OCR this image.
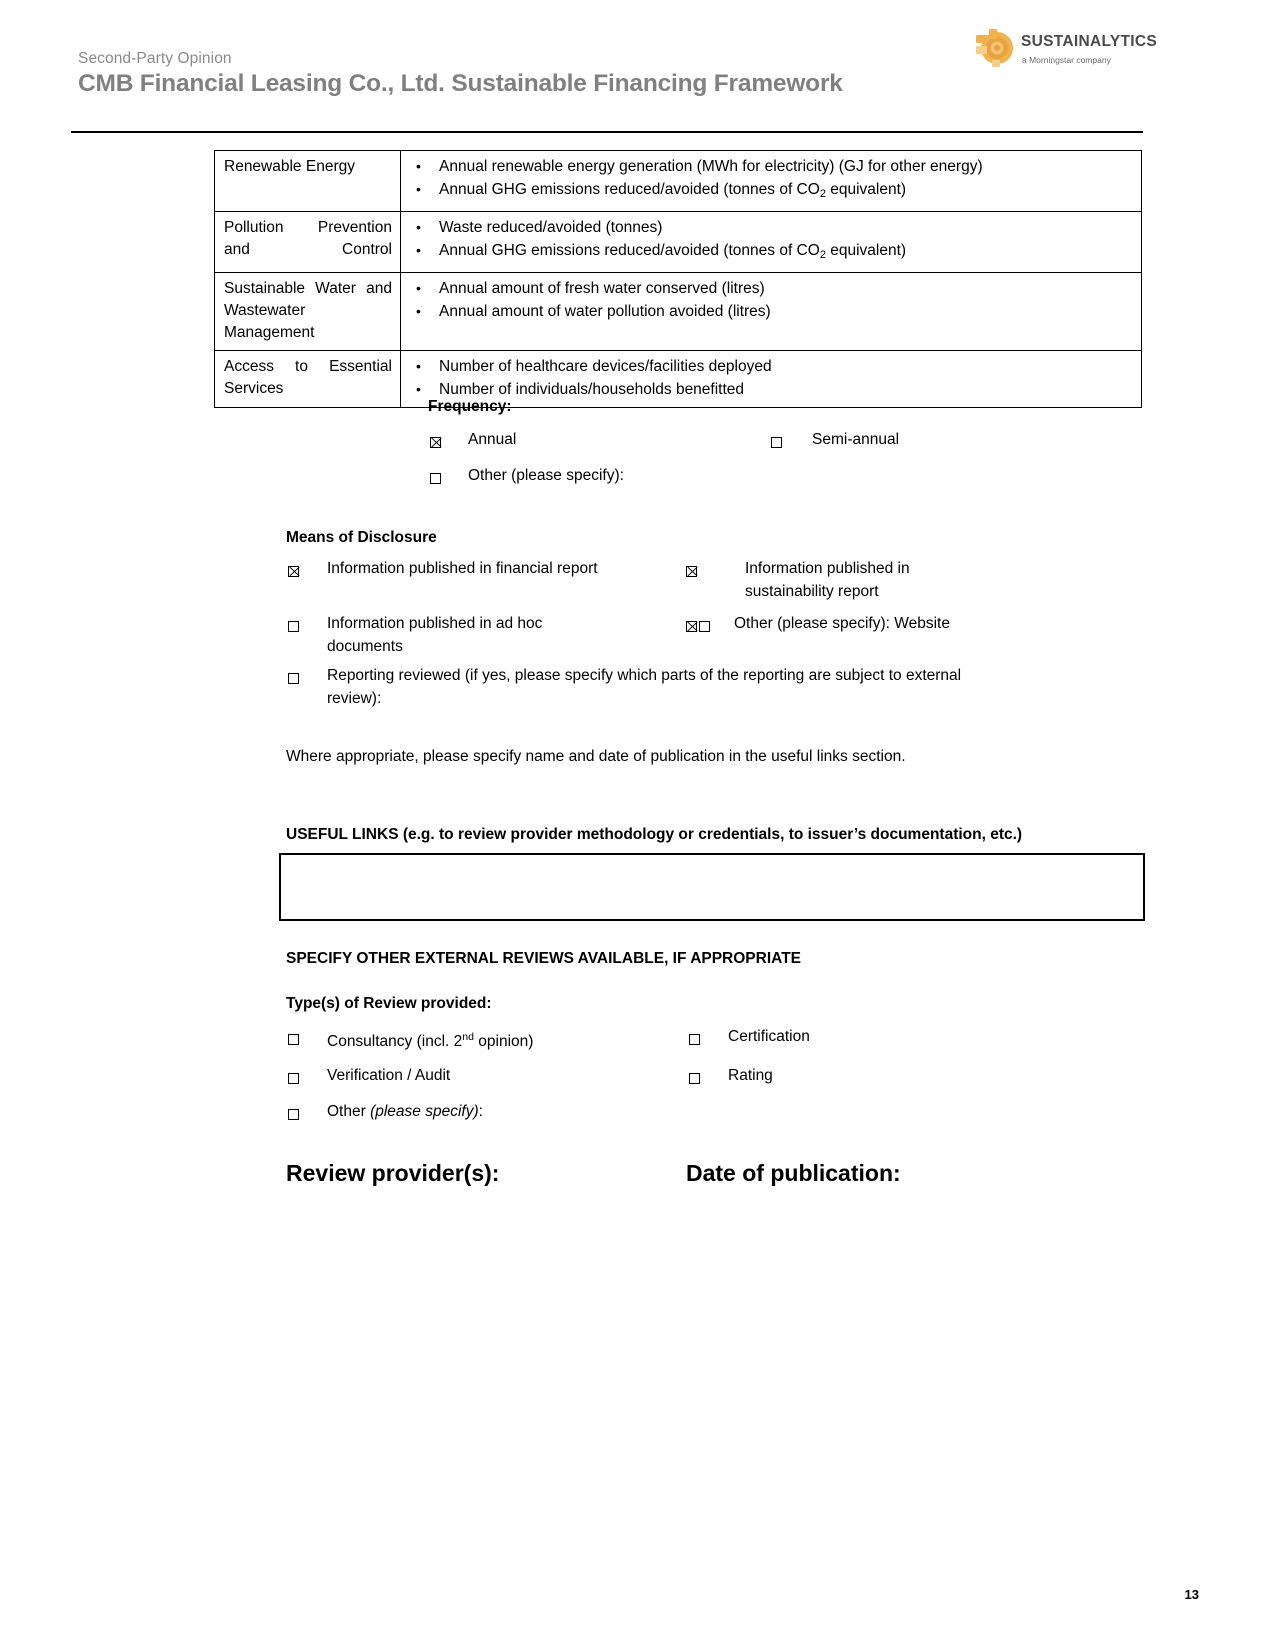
Second-Party Opinion
CMB Financial Leasing Co., Ltd. Sustainable Financing Framework
SUSTAINALYTICS
a Morningstar company
Renewable Energy

•Annual renewable energy generation (MWh for electricity) (GJ for other energy)
• Annual GHG emissions reduced/avoided (tonnes of $CO_2$ equivalent)

Pollution Prevention and Control	
• Waste reduced/avoided (tonnes)
• Annual GHG emissions reduced/avoided (tonnes of $CO_2$ equivalent)

Sustainable Water and Wastewater Management	
• Annual amount of fresh water conserved (litres)
• Annual amount of water pollution avoided (litres)

Access to Essential Services

• Number of healthcare devices/facilities deployed
• Number of individuals/households benefitted
Frequency:
Annual	Semi-annual
Other (please specify):
Means of Disclosure
Information published in financial report	Information published in sustainability report
Information published in ad hoc documents
Other (please specify): Website
Reporting reviewed (if yes, please specify which parts of the reporting are subject to external review):
Where appropriate, please specify name and date of publication in the useful links section.
USEFUL LINKS (e.g. to review provider methodology or credentials, to issuer’s documentation, etc.)
SPECIFY OTHER EXTERNAL REVIEWS AVAILABLE, IF APPROPRIATE
Type(s) of Review provided:
Consultancy (incl. 2nd opinion)	Certification
Verification / Audit	Rating
Other (please specify):
Review provider(s):	Date of publication:
13
